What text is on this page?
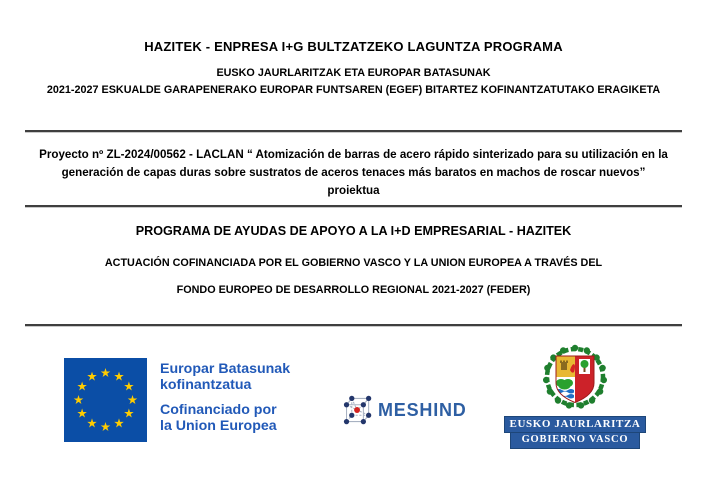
HAZITEK - ENPRESA I+G BULTZATZEKO LAGUNTZA PROGRAMA
EUSKO JAURLARITZAK ETA EUROPAR BATASUNAK
2021-2027 ESKUALDE GARAPENERAKO EUROPAR FUNTSAREN (EGEF) BITARTEZ KOFINANTZATUTAKO ERAGIKETA
Proyecto nº ZL-2024/00562 - LACLAN “ Atomización de barras de acero rápido sinterizado para su utilización en la generación de capas duras sobre sustratos de aceros tenaces más baratos en machos de roscar nuevos” proiektua
PROGRAMA DE AYUDAS DE APOYO A LA I+D EMPRESARIAL - HAZITEK
ACTUACIÓN COFINANCIADA POR EL GOBIERNO VASCO Y LA UNION EUROPEA A TRAVÉS DEL
FONDO EUROPEO DE DESARROLLO REGIONAL 2021-2027 (FEDER)
Europar Batasunak
kofinantzatua
Cofinanciado por
la Union Europea
MESHIND
EUSKO JAURLARITZA
GOBIERNO VASCO
